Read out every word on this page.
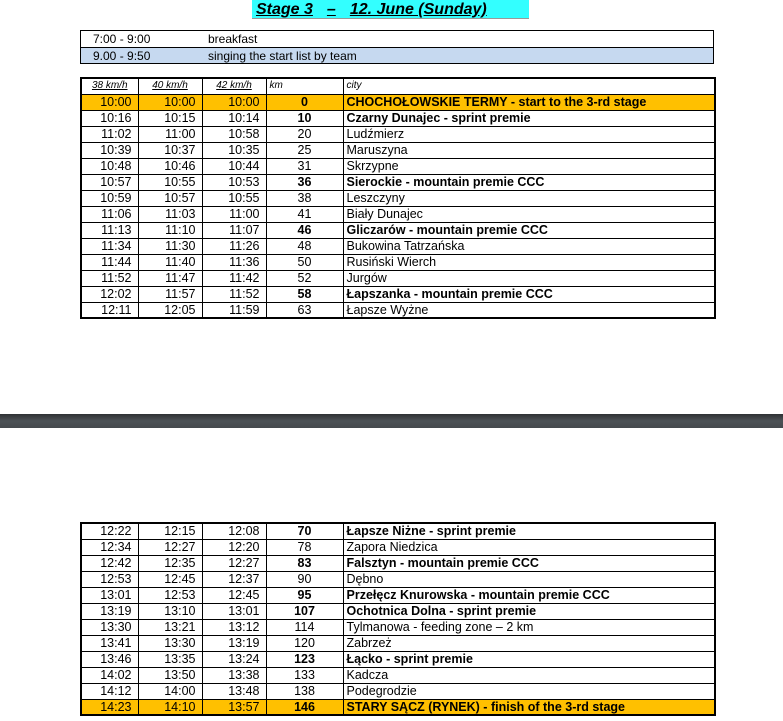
Stage 3 – 12. June (Sunday)
7:00 - 9:00	breakfast
9.00 - 9:50	singing the start list by team
38 km/h	40 km/h	42 km/h	km	city
10:00	10:00	10:00	0	CHOCHOŁOWSKIE TERMY - start to the 3-rd stage
10:16	10:15	10:14	10	Czarny Dunajec - sprint premie
11:02	11:00	10:58	20	Ludźmierz
10:39	10:37	10:35	25	Maruszyna
10:48	10:46	10:44	31	Skrzypne
10:57	10:55	10:53	36	Sierockie - mountain premie CCC
10:59	10:57	10:55	38	Leszczyny
11:06	11:03	11:00	41	Biały Dunajec
11:13	11:10	11:07	46	Gliczarów - mountain premie CCC
11:34	11:30	11:26	48	Bukowina Tatrzańska
11:44	11:40	11:36	50	Rusiński Wierch
11:52	11:47	11:42	52	Jurgów
12:02	11:57	11:52	58	Łapszanka - mountain premie CCC
12:11	12:05	11:59	63	Łapsze Wyżne
12:22	12:15	12:08	70	Łapsze Niżne - sprint premie
12:34	12:27	12:20	78	Zapora Niedzica
12:42	12:35	12:27	83	Falsztyn - mountain premie CCC
12:53	12:45	12:37	90	Dębno
13:01	12:53	12:45	95	Przełęcz Knurowska - mountain premie CCC
13:19	13:10	13:01	107	Ochotnica Dolna - sprint premie
13:30	13:21	13:12	114	Tylmanowa - feeding zone – 2 km
13:41	13:30	13:19	120	Zabrzeż
13:46	13:35	13:24	123	Łącko - sprint premie
14:02	13:50	13:38	133	Kadcza
14:12	14:00	13:48	138	Podegrodzie
14:23	14:10	13:57	146	STARY SĄCZ (RYNEK) - finish of the 3-rd stage
